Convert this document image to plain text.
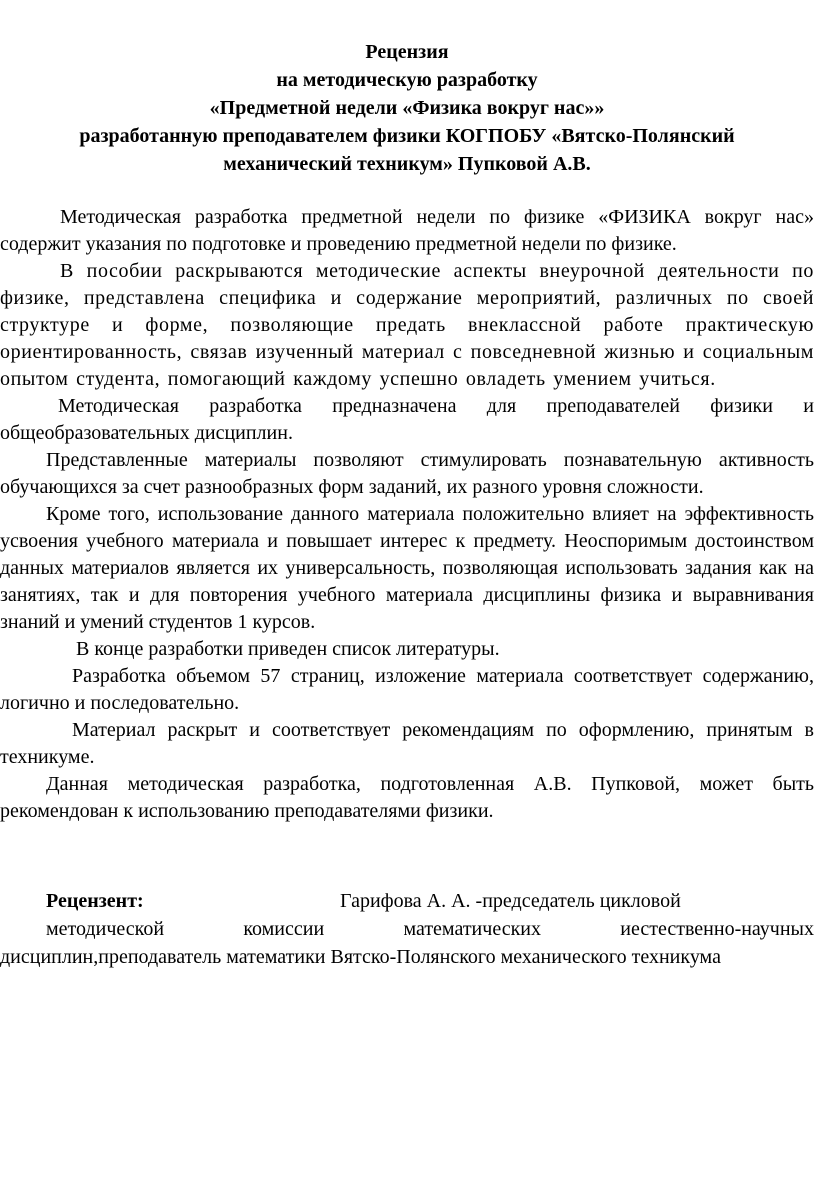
Рецензия
на методическую разработку
«Предметной недели «Физика вокруг нас»»
разработанную преподавателем физики КОГПОБУ «Вятско-Полянский
механический техникум» Пупковой А.В.

Методическая разработка предметной недели по физике «ФИЗИКА вокруг нас» содержит указания по подготовке и проведению предметной недели по физике.

В пособии раскрываются методические аспекты внеурочной деятельности по физике, представлена специфика и содержание мероприятий, различных по своей структуре и форме, позволяющие предать внеклассной работе практическую ориентированность, связав изученный материал с повседневной жизнью и социальным опытом студента, помогающий каждому успешно овладеть умением учиться.

Методическая разработка предназначена для преподавателей физики и общеобразовательных дисциплин.

Представленные материалы позволяют стимулировать познавательную активность обучающихся за счет разнообразных форм заданий, их разного уровня сложности.

Кроме того, использование данного материала положительно влияет на эффективность усвоения учебного материала и повышает интерес к предмету. Неоспоримым достоинством данных материалов является их универсальность, позволяющая использовать задания как на занятиях, так и для повторения учебного материала дисциплины физика и выравнивания знаний и умений студентов 1 курсов.

В конце разработки приведен список литературы.

Разработка объемом 57 страниц, изложение материала соответствует содержанию, логично и последовательно.

Материал раскрыт и соответствует рекомендациям по оформлению, принятым в техникуме.

Данная методическая разработка, подготовленная А.В. Пупковой, может быть рекомендован к использованию преподавателями физики.

Рецензент:	Гарифова А. А. -председатель цикловой

методической комиссии математических иестественно-научных дисциплин,преподаватель математики Вятско-Полянского механического техникума
